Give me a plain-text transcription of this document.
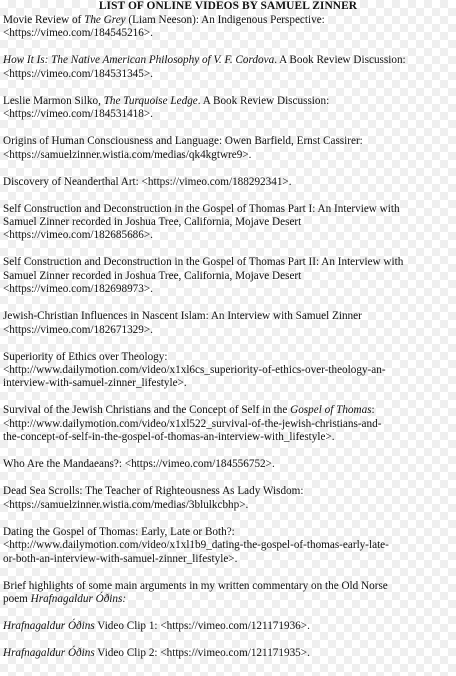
LIST OF ONLINE VIDEOS BY SAMUEL ZINNER
Movie Review of The Grey (Liam Neeson): An Indigenous Perspective:
<https://vimeo.com/184545216>.
How It Is: The Native American Philosophy of V. F. Cordova. A Book Review Discussion:
<https://vimeo.com/184531345>.
Leslie Marmon Silko, The Turquoise Ledge. A Book Review Discussion:
<https://vimeo.com/184531418>.
Origins of Human Consciousness and Language: Owen Barfield, Ernst Cassirer:
<https://samuelzinner.wistia.com/medias/qk4kgtwre9>.
Discovery of Neanderthal Art: <https://vimeo.com/188292341>.
Self Construction and Deconstruction in the Gospel of Thomas Part I: An Interview with
Samuel Zinner recorded in Joshua Tree, California, Mojave Desert
<https://vimeo.com/182685686>.
Self Construction and Deconstruction in the Gospel of Thomas Part II: An Interview with
Samuel Zinner recorded in Joshua Tree, California, Mojave Desert
<https://vimeo.com/182698973>.
Jewish-Christian Influences in Nascent Islam: An Interview with Samuel Zinner
<https://vimeo.com/182671329>.
Superiority of Ethics over Theology:
<http://www.dailymotion.com/video/x1xl6cs_superiority-of-ethics-over-theology-an-
interview-with-samuel-zinner_lifestyle>.
Survival of the Jewish Christians and the Concept of Self in the Gospel of Thomas:
<http://www.dailymotion.com/video/x1xl522_survival-of-the-jewish-christians-and-
the-concept-of-self-in-the-gospel-of-thomas-an-interview-with_lifestyle>.
Who Are the Mandaeans?: <https://vimeo.com/184556752>.
Dead Sea Scrolls: The Teacher of Righteousness As Lady Wisdom:
<https://samuelzinner.wistia.com/medias/3blulkcbhp>.
Dating the Gospel of Thomas: Early, Late or Both?:
<http://www.dailymotion.com/video/x1xl1b9_dating-the-gospel-of-thomas-early-late-
or-both-an-interview-with-samuel-zinner_lifestyle>.
Brief highlights of some main arguments in my written commentary on the Old Norse
poem Hrafnagaldur Óðins:
Hrafnagaldur Óðins Video Clip 1: <https://vimeo.com/121171936>.
Hrafnagaldur Óðins Video Clip 2: <https://vimeo.com/121171935>.
